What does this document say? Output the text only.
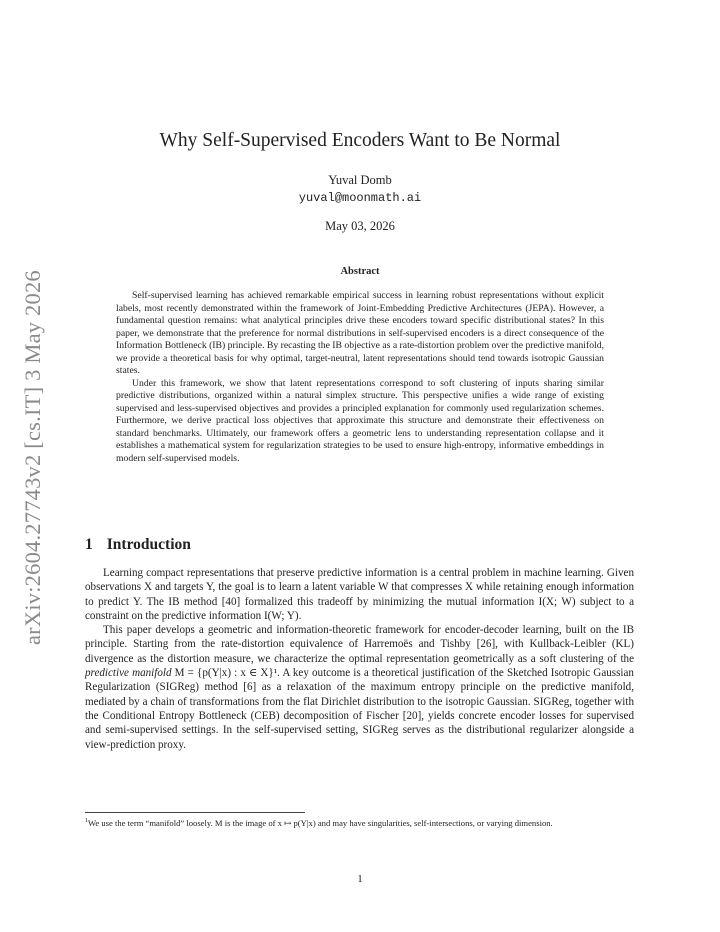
arXiv:2604.27743v2 [cs.IT] 3 May 2026
Why Self-Supervised Encoders Want to Be Normal
Yuval Domb
yuval@moonmath.ai
May 03, 2026
Abstract

Self-supervised learning has achieved remarkable empirical success in learning robust representations without explicit labels, most recently demonstrated within the framework of Joint-Embedding Predictive Architectures (JEPA). However, a fundamental question remains: what analytical principles drive these encoders toward specific distributional states? In this paper, we demonstrate that the preference for normal distributions in self-supervised encoders is a direct consequence of the Information Bottleneck (IB) principle. By recasting the IB objective as a rate-distortion problem over the predictive manifold, we provide a theoretical basis for why optimal, target-neutral, latent representations should tend towards isotropic Gaussian states.

Under this framework, we show that latent representations correspond to soft clustering of inputs sharing similar predictive distributions, organized within a natural simplex structure. This perspective unifies a wide range of existing supervised and less-supervised objectives and provides a principled explanation for commonly used regularization schemes. Furthermore, we derive practical loss objectives that approximate this structure and demonstrate their effectiveness on standard benchmarks. Ultimately, our framework offers a geometric lens to understanding representation collapse and it establishes a mathematical system for regularization strategies to be used to ensure high-entropy, informative embeddings in modern self-supervised models.

1 Introduction

Learning compact representations that preserve predictive information is a central problem in machine learning. Given observations X and targets Y, the goal is to learn a latent variable W that compresses X while retaining enough information to predict Y. The IB method [40] formalized this tradeoff by minimizing the mutual information I(X; W) subject to a constraint on the predictive information I(W; Y).

This paper develops a geometric and information-theoretic framework for encoder-decoder learning, built on the IB principle. Starting from the rate-distortion equivalence of Harremoës and Tishby [26], with Kullback-Leibler (KL) divergence as the distortion measure, we characterize the optimal representation geometrically as a soft clustering of the predictive manifold M = {p(Y|x) : x ∈ X}¹. A key outcome is a theoretical justification of the Sketched Isotropic Gaussian Regularization (SIGReg) method [6] as a relaxation of the maximum entropy principle on the predictive manifold, mediated by a chain of transformations from the flat Dirichlet distribution to the isotropic Gaussian. SIGReg, together with the Conditional Entropy Bottleneck (CEB) decomposition of Fischer [20], yields concrete encoder losses for supervised and semi-supervised settings. In the self-supervised setting, SIGReg serves as the distributional regularizer alongside a view-prediction proxy.

$^1$We use the term “manifold” loosely. M is the image of x ↦ p(Y|x) and may have singularities, self-intersections, or varying dimension.
1
